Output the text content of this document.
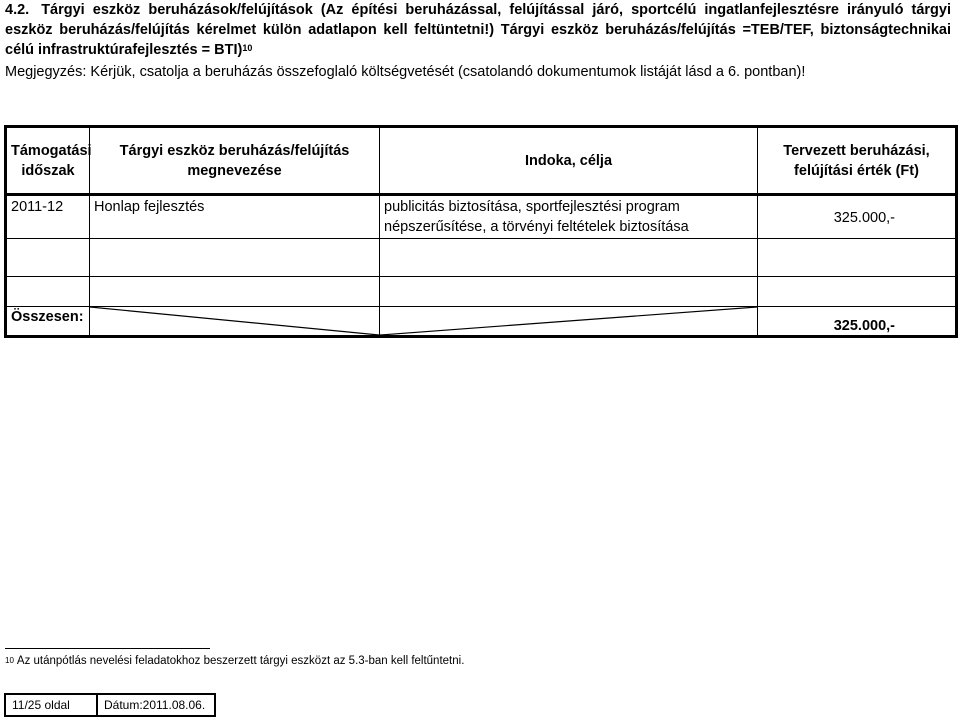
4.2. Tárgyi eszköz beruházások/felújítások (Az építési beruházással, felújítással járó, sportcélú ingatlanfejlesztésre irányuló tárgyi eszköz beruházás/felújítás kérelmet külön adatlapon kell feltüntetni!) Tárgyi eszköz beruházás/felújítás =TEB/TEF, biztonságtechnikai célú infrastruktúrafejlesztés = BTI)$^{10}$
Megjegyzés: Kérjük, csatolja a beruházás összefoglaló költségvetését (csatolandó dokumentumok listáját lásd a 6. pontban)!
Támogatási időszak	Tárgyi eszköz beruházás/felújítás megnevezése	Indoka, célja	Tervezett beruházási, felújítási érték (Ft)
2011-12	Honlap fejlesztés	publicitás biztosítása, sportfejlesztési program népszerűsítése, a törvényi feltételek biztosítása	325.000,-

Összesen:			325.000,-
$^{10}$ Az utánpótlás nevelési feladatokhoz beszerzett tárgyi eszközt az 5.3-ban kell feltűntetni.
11/25 oldal	Dátum:2011.08.06.
